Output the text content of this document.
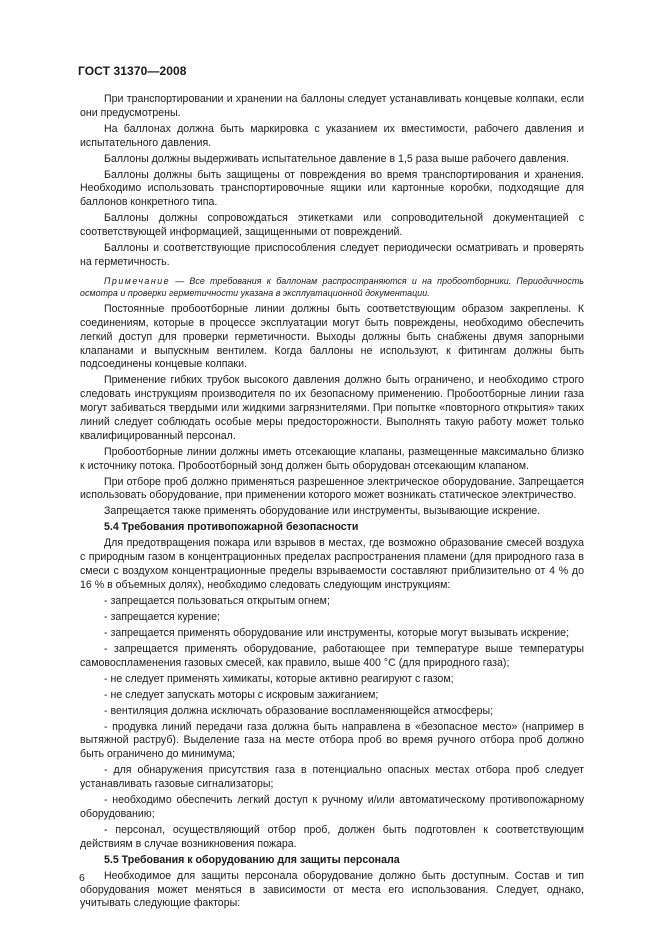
ГОСТ 31370—2008

При транспортировании и хранении на баллоны следует устанавливать концевые колпаки, если они предусмотрены.

На баллонах должна быть маркировка с указанием их вместимости, рабочего давления и испытательного давления.

Баллоны должны выдерживать испытательное давление в 1,5 раза выше рабочего давления.

Баллоны должны быть защищены от повреждения во время транспортирования и хранения. Необходимо использовать транспортировочные ящики или картонные коробки, подходящие для баллонов конкретного типа.

Баллоны должны сопровождаться этикетками или сопроводительной документацией с соответствующей информацией, защищенными от повреждений.

Баллоны и соответствующие приспособления следует периодически осматривать и проверять на герметичность.

Примечание — Все требования к баллонам распространяются и на пробоотборники. Периодичность осмотра и проверки герметичности указана в эксплуатационной документации.

Постоянные пробоотборные линии должны быть соответствующим образом закреплены. К соединениям, которые в процессе эксплуатации могут быть повреждены, необходимо обеспечить легкий доступ для проверки герметичности. Выходы должны быть снабжены двумя запорными клапанами и выпускным вентилем. Когда баллоны не используют, к фитингам должны быть подсоединены концевые колпаки.

Применение гибких трубок высокого давления должно быть ограничено, и необходимо строго следовать инструкциям производителя по их безопасному применению. Пробоотборные линии газа могут забиваться твердыми или жидкими загрязнителями. При попытке «повторного открытия» таких линий следует соблюдать особые меры предосторожности. Выполнять такую работу может только квалифицированный персонал.

Пробоотборные линии должны иметь отсекающие клапаны, размещенные максимально близко к источнику потока. Пробоотборный зонд должен быть оборудован отсекающим клапаном.

При отборе проб должно применяться разрешенное электрическое оборудование. Запрещается использовать оборудование, при применении которого может возникать статическое электричество.

Запрещается также применять оборудование или инструменты, вызывающие искрение.

5.4 Требования противопожарной безопасности

Для предотвращения пожара или взрывов в местах, где возможно образование смесей воздуха с природным газом в концентрационных пределах распространения пламени (для природного газа в смеси с воздухом концентрационные пределы взрываемости составляют приблизительно от 4 % до 16 % в объемных долях), необходимо следовать следующим инструкциям:

- запрещается пользоваться открытым огнем;

- запрещается курение;

- запрещается применять оборудование или инструменты, которые могут вызывать искрение;

- запрещается применять оборудование, работающее при температуре выше температуры самовоспламенения газовых смесей, как правило, выше 400 °С (для природного газа);

- не следует применять химикаты, которые активно реагируют с газом;

- не следует запускать моторы с искровым зажиганием;

- вентиляция должна исключать образование воспламеняющейся атмосферы;

- продувка линий передачи газа должна быть направлена в «безопасное место» (например в вытяжной раструб). Выделение газа на месте отбора проб во время ручного отбора проб должно быть ограничено до минимума;

- для обнаружения присутствия газа в потенциально опасных местах отбора проб следует устанавливать газовые сигнализаторы;

- необходимо обеспечить легкий доступ к ручному и/или автоматическому противопожарному оборудованию;

- персонал, осуществляющий отбор проб, должен быть подготовлен к соответствующим действиям в случае возникновения пожара.

5.5 Требования к оборудованию для защиты персонала

Необходимое для защиты персонала оборудование должно быть доступным. Состав и тип оборудования может меняться в зависимости от места его использования. Следует, однако, учитывать следующие факторы:

6
